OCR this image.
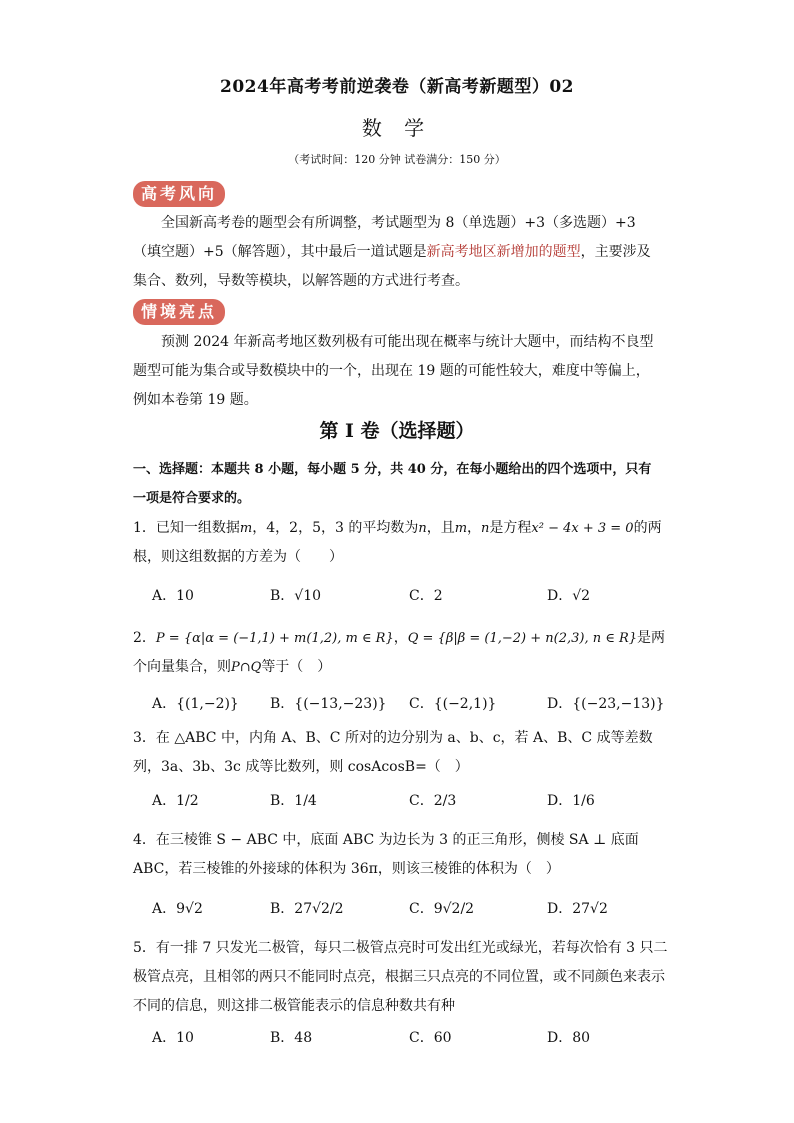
2024年高考考前逆袭卷（新高考新题型）02
数 学
（考试时间：120 分钟 试卷满分：150 分）
高考风向
全国新高考卷的题型会有所调整，考试题型为 8（单选题）+3（多选题）+3（填空题）+5（解答题），其中最后一道试题是新高考地区新增加的题型，主要涉及集合、数列，导数等模块，以解答题的方式进行考查。
情境亮点
预测 2024 年新高考地区数列极有可能出现在概率与统计大题中，而结构不良型题型可能为集合或导数模块中的一个，出现在 19 题的可能性较大，难度中等偏上，例如本卷第 19 题。
第 I 卷（选择题）
一、选择题：本题共 8 小题，每小题 5 分，共 40 分，在每小题给出的四个选项中，只有一项是符合要求的。
1．已知一组数据m，4，2，5，3 的平均数为n，且m，n是方程x² − 4x + 3 = 0的两根，则这组数据的方差为（　　）
A．10	B．√10	C．2	D．√2
2．P = {α|α = (−1,1) + m(1,2), m ∈ R}，Q = {β|β = (1,−2) + n(2,3), n ∈ R}是两个向量集合，则P∩Q等于（　）
A．{(1,−2)} B．{(−13,−23)} C．{(−2,1)}	D．{(−23,−13)}
3．在 △ABC 中，内角 A、B、C 所对的边分别为 a、b、c，若 A、B、C 成等差数列，3a、3b、3c 成等比数列，则 cosAcosB=（　）
A．1/2	B．1/4	C．2/3	D．1/6
4．在三棱锥 S − ABC 中，底面 ABC 为边长为 3 的正三角形，侧棱 SA ⊥ 底面 ABC，若三棱锥的外接球的体积为 36π，则该三棱锥的体积为（　）
A．9√2	B．27√2/2	C．9√2/2	D．27√2
5．有一排 7 只发光二极管，每只二极管点亮时可发出红光或绿光，若每次恰有 3 只二极管点亮，且相邻的两只不能同时点亮，根据三只点亮的不同位置，或不同颜色来表示不同的信息，则这排二极管能表示的信息种数共有种
A．10	B．48	C．60	D．80
